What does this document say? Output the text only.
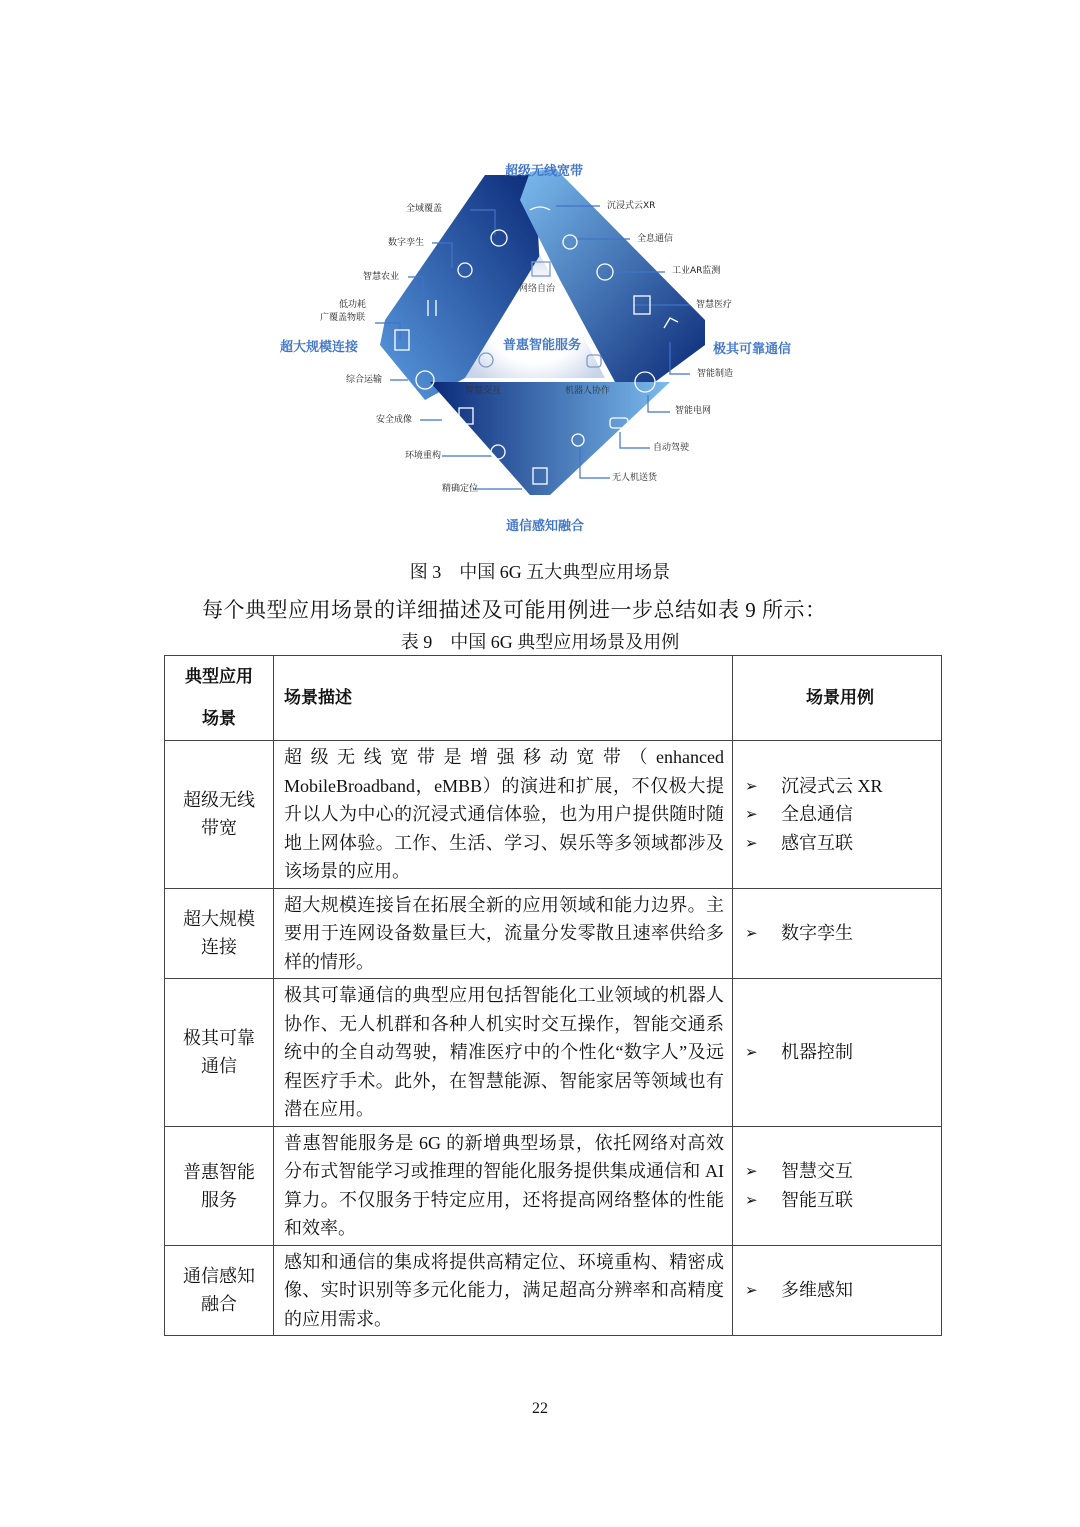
超级无线宽带
超大规模连接	极其可靠通信
通信感知融合
普惠智能服务
全域覆盖
数字孪生
智慧农业
低功耗
广覆盖物联
综合运输
安全成像
环境重构
精确定位
沉浸式云XR
全息通信
工业AR监测
智慧医疗
智能制造
智能电网
自动驾驶
无人机送货
网络自治
智慧交互	机器人协作
图 3　中国 6G 五大典型应用场景
每个典型应用场景的详细描述及可能用例进一步总结如表 9 所示：
表 9　中国 6G 典型应用场景及用例
典型应用
场景	场景描述	场景用例

超级无线
带宽
	超级无线宽带是增强移动宽带（enhanced MobileBroadband，eMBB）的演进和扩展，不仅极大提升以人为中心的沉浸式通信体验，也为用户提供随时随地上网体验。工作、生活、学习、娱乐等多领域都涉及该场景的应用。	
➢	沉浸式云 XR
➢	全息通信
➢	感官互联

超大规模
连接
	超大规模连接旨在拓展全新的应用领域和能力边界。主要用于连网设备数量巨大，流量分发零散且速率供给多样的情形。	
➢	数字孪生

极其可靠
通信
	极其可靠通信的典型应用包括智能化工业领域的机器人协作、无人机群和各种人机实时交互操作，智能交通系统中的全自动驾驶，精准医疗中的个性化“数字人”及远程医疗手术。此外，在智慧能源、智能家居等领域也有潜在应用。	
➢	机器控制

普惠智能
服务
	普惠智能服务是 6G 的新增典型场景，依托网络对高效分布式智能学习或推理的智能化服务提供集成通信和 AI 算力。不仅服务于特定应用，还将提高网络整体的性能和效率。	
➢	智慧交互
➢	智能互联

通信感知
融合
	感知和通信的集成将提供高精定位、环境重构、精密成像、实时识别等多元化能力，满足超高分辨率和高精度的应用需求。	
➢	多维感知
22
